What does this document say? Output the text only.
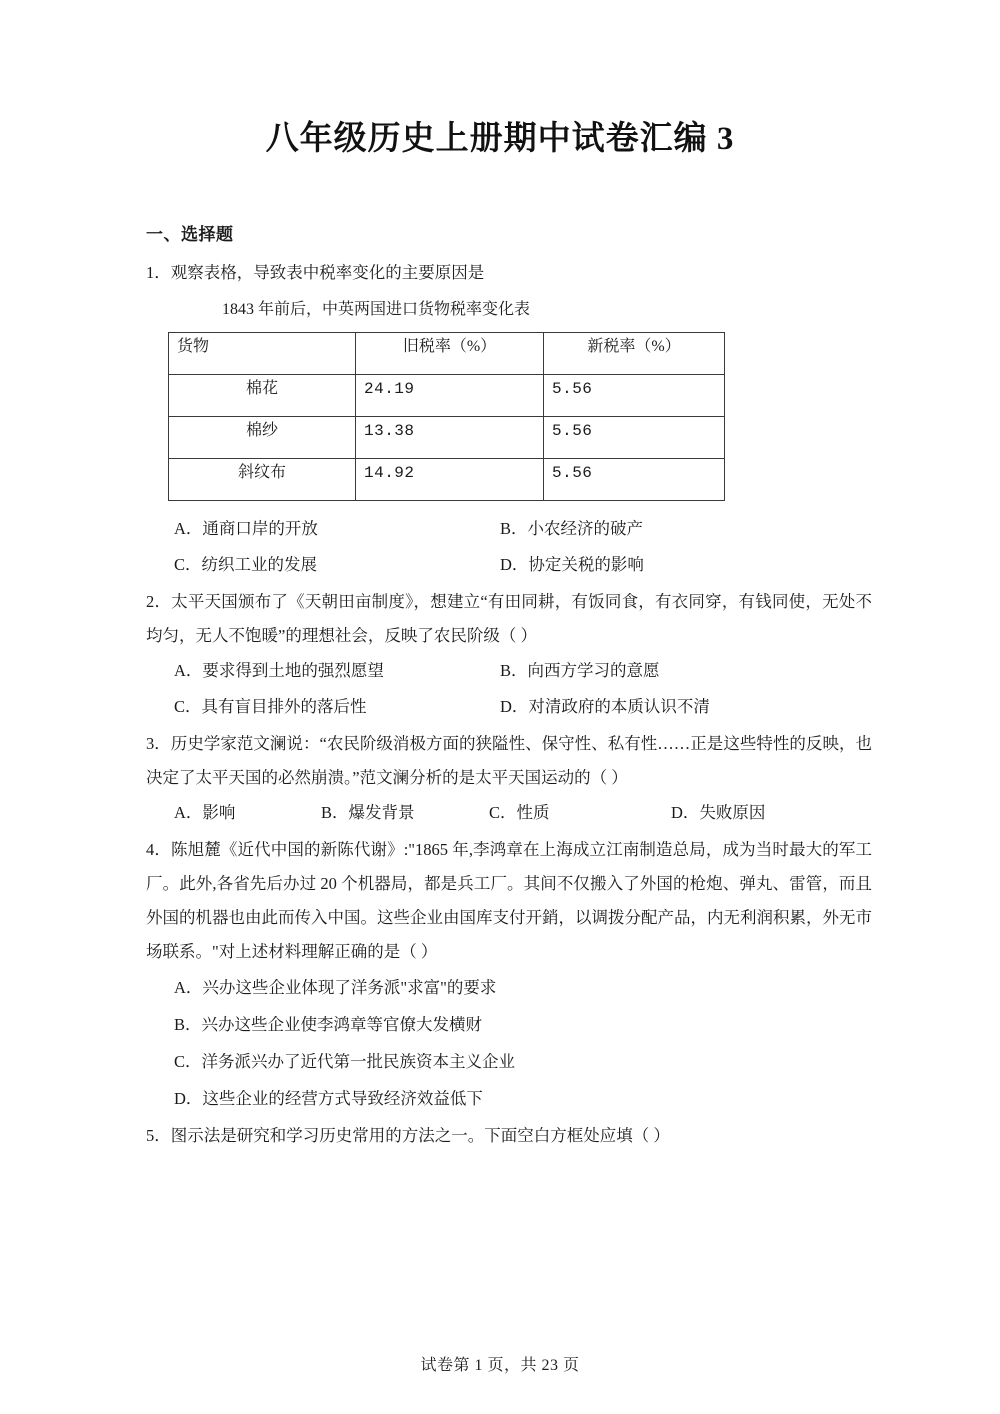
八年级历史上册期中试卷汇编 3
一、选择题

1．观察表格，导致表中税率变化的主要原因是

1843 年前后，中英两国进口货物税率变化表
货物	旧税率（%）	新税率（%）
棉花	24.19	5.56
棉纱	13.38	5.56
斜纹布	14.92	5.56
A．通商口岸的开放	B．小农经济的破产
C．纺织工业的发展	D．协定关税的影响

2．太平天国颁布了《天朝田亩制度》，想建立“有田同耕，有饭同食，有衣同穿，有钱同使，无处不均匀，无人不饱暖”的理想社会，反映了农民阶级（ ）

A．要求得到土地的强烈愿望	B．向西方学习的意愿
C．具有盲目排外的落后性	D．对清政府的本质认识不清

3．历史学家范文澜说：“农民阶级消极方面的狭隘性、保守性、私有性……正是这些特性的反映，也决定了太平天国的必然崩溃。”范文澜分析的是太平天国运动的（ ）

A．影响	B．爆发背景	C．性质	D．失败原因

4．陈旭麓《近代中国的新陈代谢》:"1865 年,李鸿章在上海成立江南制造总局，成为当时最大的军工厂。此外,各省先后办过 20 个机器局，都是兵工厂。其间不仅搬入了外国的枪炮、弹丸、雷管，而且外国的机器也由此而传入中国。这些企业由国库支付开銷，以调拨分配产品，内无利润积累，外无市场联系。"对上述材料理解正确的是（ ）

A．兴办这些企业体现了洋务派"求富"的要求
B．兴办这些企业使李鸿章等官僚大发横财
C．洋务派兴办了近代第一批民族资本主义企业
D．这些企业的经营方式导致经济效益低下

5．图示法是研究和学习历史常用的方法之一。下面空白方框处应填（ ）

试卷第 1 页，共 23 页
